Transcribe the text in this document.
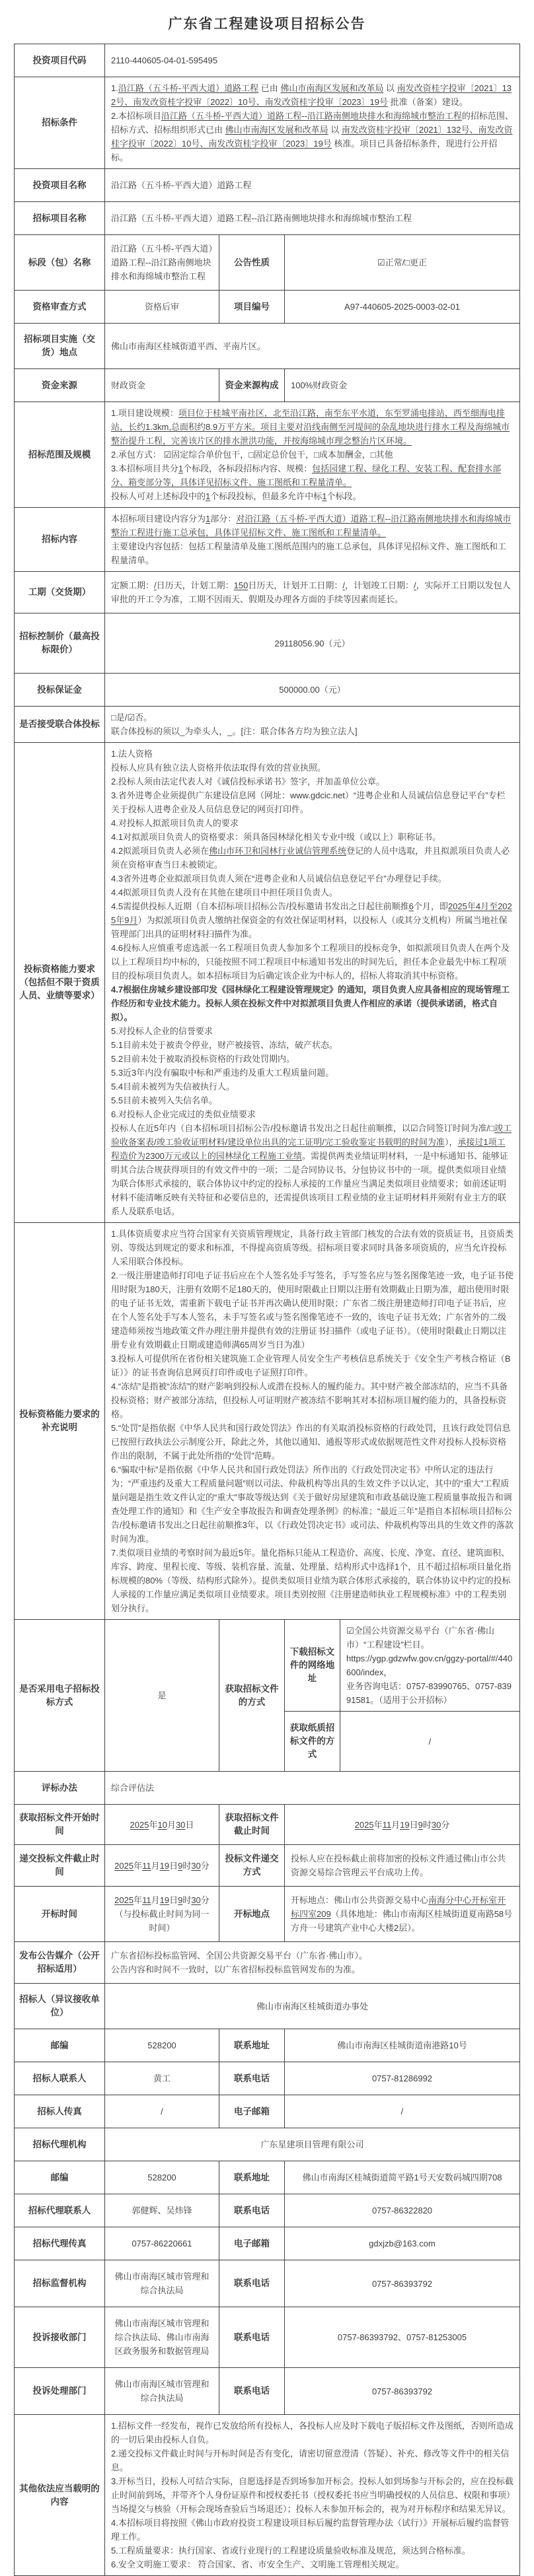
广东省工程建设项目招标公告
投资项目代码	2110-440605-04-01-595495			
招标条件	1.沿江路（五斗桥-平西大道）道路工程 已由 佛山市南海区发展和改革局 以 南发改资桂字投审〔2021〕132号、南发改资桂字投审〔2022〕10号、南发改资桂字投审〔2023〕19号 批准（备案）建设。
2.本招标项目沿江路（五斗桥-平西大道）道路工程--沿江路南侧地块排水和海绵城市整治工程的招标范围、招标方式、招标组织形式已由 佛山市南海区发展和改革局 以 南发改资桂字投审〔2021〕132号、南发改资桂字投审〔2022〕10号、南发改资桂字投审〔2023〕19号 核准。项目已具备招标条件，现进行公开招标。			

投资项目名称	沿江路（五斗桥-平西大道）道路工程			
招标项目名称	沿江路（五斗桥-平西大道）道路工程--沿江路南侧地块排水和海绵城市整治工程			
标段（包）名称	沿江路（五斗桥-平西大道）道路工程--沿江路南侧地块排水和海绵城市整治工程	公告性质	☑正常/□更正	
资格审查方式	资格后审	项目编号	A97-440605-2025-0003-02-01	
招标项目实施（交货）地点	佛山市南海区桂城街道平西、平南片区。			
资金来源	财政资金	资金来源构成	100%财政资金	
招标范围及规模	1.项目建设规模：项目位于桂城平南社区，北至沿江路，南至东平水道，东至罗涌电排站，西至细海电排站，长约1.3km,总面积约8.9万平方米。项目主要对沿线南侧至河堤间的杂乱地块进行排水工程及海绵城市整治提升工程，完善该片区的排水泄洪功能，并按海绵城市理念整治片区环境。
2.承包方式： ☑固定综合单价包干，□固定总价包干，□成本加酬金，□其他
3.本招标项目共分1个标段，各标段招标内容、规模：包括园建工程、绿化工程、安装工程、配套排水部分、箱变部分等，具体详见招标文件、施工图纸和工程量清单。
投标人可对上述标段中的1个标段投标，但最多允许中标1个标段。			

招标内容	本招标项目建设内容分为1部分：对沿江路（五斗桥-平西大道）道路工程--沿江路南侧地块排水和海绵城市整治工程进行施工总承包，具体详见招标文件、施工图纸和工程量清单。
主要建设内容包括：包括工程量清单及施工图纸范围内的施工总承包，具体详见招标文件、施工图纸和工程量清单。			

工期（交货期）	定额工期：/日历天，计划工期：150日历天，计划开工日期：/，计划竣工日期：/，实际开工日期以发包人审批的开工令为准，工期不因雨天、假期及办理各方面的手续等因素而延长。			

招标控制价（最高投标限价）	29118056.90（元）			
投标保证金	500000.00（元）			
是否接受联合体投标	□是/☑否。
联合体投标的须以_为牵头人，_。[注：联合体各方均为独立法人]			

投标资格能力要求（包括但不限于资质人员、业绩等要求）	
1.法人资格
投标人应具有独立法人资格并依法取得有效的营业执照。
2.投标人须由法定代表人对《诚信投标承诺书》签字，并加盖单位公章。
3.省外进粤企业须提供广东建设信息网（网址：www.gdcic.net）“进粤企业和人员诚信信息登记平台”专栏关于投标人进粤企业及人员信息登记的网页打印件。
4.对投标人拟派项目负责人的要求
4.1对拟派项目负责人的资格要求：须具备园林绿化相关专业中级（或以上）职称证书。
4.2拟派项目负责人必须在佛山市环卫和园林行业诚信管理系统登记的人员中选取，并且拟派项目负责人必须在资格审查当日未被锁定。
4.3省外进粤企业拟派项目负责人须在“进粤企业和人员诚信信息登记平台”办理登记手续。
4.4拟派项目负责人没有在其他在建项目中担任项目负责人。
4.5需提供投标人近期（自本招标项目招标公告/投标邀请书发出之日起往前顺推6个月，即2025年4月至2025年9月）为拟派项目负责人缴纳社保资金的有效社保证明材料，以投标人（或其分支机构）所属当地社保管理部门出具的证明材料扫描件为准。
4.6投标人应慎重考虑选派一名工程项目负责人参加多个工程项目的投标竞争，如拟派项目负责人在两个及以上工程项目均中标的，只能按照不同工程项目中标通知书发出的时间先后，担任本企业最先中标工程项目的投标项目负责人。如本招标项目为后确定该企业为中标人的，招标人将取消其中标资格。
4.7根据住房城乡建设部印发《园林绿化工程建设管理规定》的通知，项目负责人应具备相应的现场管理工作经历和专业技术能力。投标人须在投标文件中对拟派项目负责人作相应的承诺（提供承诺函，格式自拟）。
5.对投标人企业的信誉要求
5.1目前未处于被责令停业，财产被接管、冻结，破产状态。
5.2目前未处于被取消投标资格的行政处罚期内。
5.3近3年内没有骗取中标和严重违约及重大工程质量问题。
5.4目前未被列为失信被执行人。
5.5目前未被列入失信名单。
6.对投标人企业完成过的类似业绩要求
投标人在近5年内（自本招标项目招标公告/投标邀请书发出之日起往前顺推，以☑合同签订时间为准/□竣工验收备案表/竣工验收证明材料/建设单位出具的完工证明/完工验收鉴定书载明的时间为准），承接过1项工程造价为2300万元或以上的园林绿化工程施工业绩。需提供两类业绩证明材料，一是中标通知书、能够证明其合法合规获得项目的有效文件中的一项；二是合同协议书、分包协议书中的一项。提供类似项目业绩为联合体形式承接的，联合体协议中约定的投标人承接的工作量应当满足类似项目业绩要求；如前述证明材料不能清晰反映有关特征和必要信息的，还需提供该项目工程业绩的业主证明材料并须附有业主方的联系人及联系电话。

投标资格能力要求的补充说明	
1.具体资质要求应当符合国家有关资质管理规定，具备行政主管部门核发的合法有效的资质证书，且资质类别、等级达到规定的要求和标准，不得提高资质等级。招标项目要求同时具备多项资质的，应当允许投标人采用联合体投标。
2.一级注册建造师打印电子证书后应在个人签名处手写签名，手写签名应与签名图像笔迹一致，电子证书使用时限为180天，注册有效期不足180天的，使用时限截止日期以注册有效期截止日期为准，超出使用时限的电子证书无效，需重新下载电子证书并再次确认使用时限；广东省二级注册建造师打印电子证书后，应在个人签名处手写本人签名，未手写签名或与签名图像笔迹不一致的，该电子证书无效；广东省外的二级建造师须按当地政策文件办理注册并提供有效的注册证书扫描件（或电子证书）。（使用时限截止日期以注册专业有效期截止日期或建造师满65周岁当日为准）
3.投标人可提供所在省份相关建筑施工企业管理人员安全生产考核信息系统关于《安全生产考核合格证（B证）》的证书查询信息网页打印件或电子证照打印件。
4.“冻结”是指被“冻结”的财产影响到投标人或潜在投标人的履约能力。其中财产被全部冻结的，应当不具备投标资格；财产被部分冻结，但投标人可证明财产被冻结不影响其对本招标项目履约能力的，具备投标资格。
5.“处罚”是指依据《中华人民共和国行政处罚法》作出的有关取消投标资格的行政处罚，且该行政处罚信息已按照行政执法公示制度公开，除此之外，其他以通知、通报等形式或依据规范性文件对投标人投标资格作出的限制，不属于此处所指的“处罚”范畴。
6.“骗取中标”是指依据《中华人民共和国行政处罚法》所作出的《行政处罚决定书》中所认定的违法行为；“严重违约及重大工程质量问题”则以司法、仲裁机构等出具的生效文件予以认定，其中的“重大”工程质量问题是指生效文件认定的“重大”事故等级达到《关于做好房屋建筑和市政基础设施工程质量事故报告和调查处理工作的通知》和《生产安全事故报告和调查处理条例》的标准；“最近三年”是指自本招标项目招标公告/投标邀请书发出之日起往前顺推3年，以《行政处罚决定书》或司法、仲裁机构等出具的生效文件的落款时间为准。
7.类似项目业绩的考察时间为最近5年。量化指标只能从工程造价、高度、长度、净宽、直径、建筑面积、库容、跨度、里程长度、等级、装机容量、流量、处理量、结构形式中选择1个，且不超过招标项目量化指标规模的80%（等级、结构形式除外）。提供类似项目业绩为联合体形式承接的，联合体协议中约定的投标人承接的工作量应满足类似项目业绩要求。项目类别按照《注册建造师执业工程规模标准》中的工程类别划分执行。

是否采用电子招标投标方式	是	获取招标文件的方式	下载招标文件的网络地址	☑全国公共资源交易平台（广东省·佛山市）“工程建设”栏目。
https://ygp.gdzwfw.gov.cn/ggzy-portal/#/440600/index，
业务咨询电话：0757-83990765、0757-83991581。（适用于公开招标）

			获取纸质招标文件的方式	/
评标办法	综合评估法			
获取招标文件开始时间	2025年10月30日	获取招标文件截止时间	2025年11月19日9时30分	

递交投标文件截止时间	2025年11月19日9时30分	投标文件递交方式	投标人应在投标截止前将加密的投标文件通过佛山市公共资源交易综合管理云平台成功上传。	
开标时间	2025年11月19日9时30分（与投标截止时间为同一时间）	开标地点	开标地点：佛山市公共资源交易中心南海分中心开标室开标四室209（具体地址：佛山市南海区桂城街道夏南路58号方舟一号建筑产业中心大楼2层）。	

发布公告媒介（公开招标适用）	广东省招标投标监管网、全国公共资源交易平台（广东省·佛山市）。
公告内容和时间不一致时，以广东省招标投标监管网发布的为准。			

招标人（异议接收单位）	佛山市南海区桂城街道办事处			
邮编	528200	联系地址	佛山市南海区桂城街道南港路10号	
招标人联系人	黄工	联系电话	0757-81286992	
招标人传真	/	电子邮箱	/	
招标代理机构	广东星建项目管理有限公司			
邮编	528200	联系地址	佛山市南海区桂城街道简平路1号天安数码城四期708	
招标代理联系人	郭健辉、吴炜锋	联系电话	0757-86322820	
招标代理传真	0757-86220661	电子邮箱	gdxjzb@163.com	
招标监督机构	佛山市南海区城市管理和综合执法局	联系电话	0757-86393792	
投诉接收部门	佛山市南海区城市管理和综合执法局、佛山市南海区政务服务和数据管理局	联系电话	0757-86393792、0757-81253005	
投诉处理部门	佛山市南海区城市管理和综合执法局	联系电话	0757-86393792	
其他依法应当载明的内容	
1.招标文件一经发布，视作已发放给所有投标人，各投标人应及时下载电子版招标文件及图纸，否则所造成的一切后果由投标人自负。
2.递交投标文件截止时间与开标时间是否有变化，请密切留意澄清（答疑）、补充、修改等文件中的相关信息。
3.开标当日，投标人可结合实际，自愿选择是否到场参加开标会。投标人如到场参与开标会的，应在投标截止时间前到场，并带齐个人身份证原件和授权委托书（授权委托书应当明确授权的人员信息、权限和事项）当场提交与核验（开标会现场查验后当场退还）；投标人未参加开标会的，视为对开标程序和结果无异议。
4.本招标项目将按照《佛山市政府投资工程建设项目标后履约监督管理办法（试行）》开展标后履约监督管理工作。
5.工程质量要求：执行国家、省或行业现行的工程建设质量验收标准及规范，须达到合格标准。
6.安全文明施工要求： 符合国家、省、市安全生产、文明施工管理相关规定。
